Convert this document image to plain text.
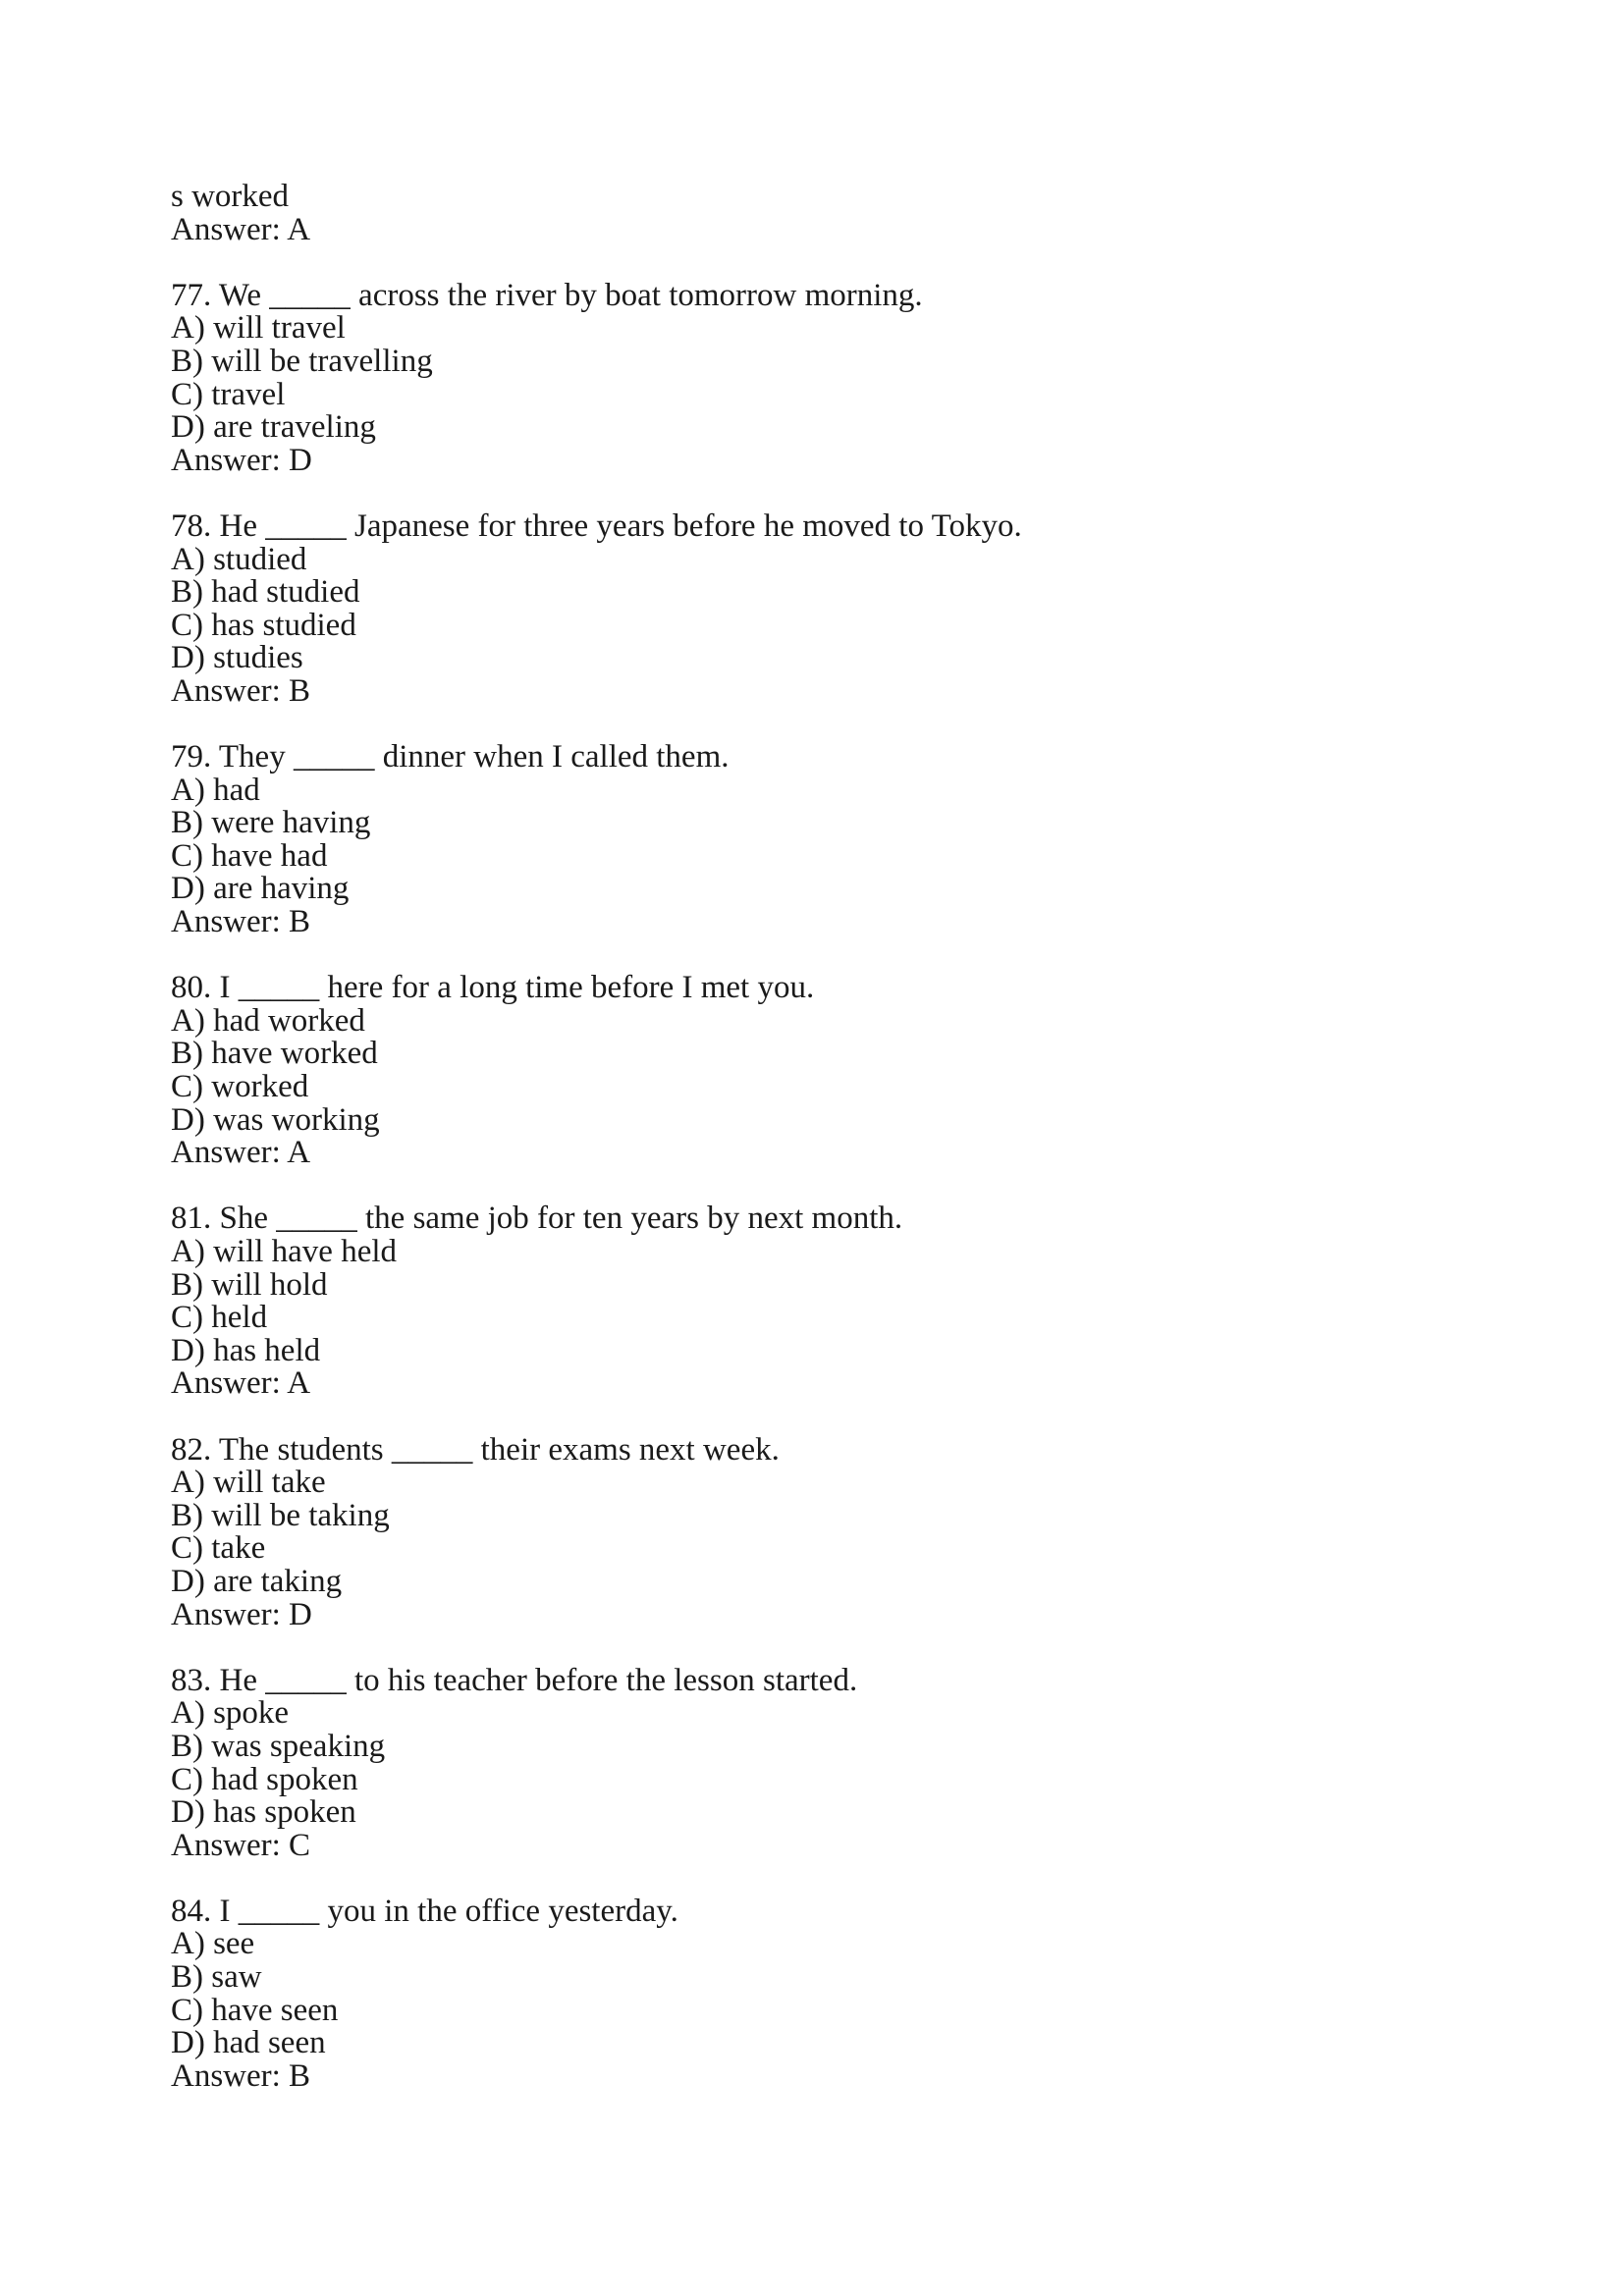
s worked
Answer: A
77. We _____ across the river by boat tomorrow morning.
A) will travel
B) will be travelling
C) travel
D) are traveling
Answer: D
78. He _____ Japanese for three years before he moved to Tokyo.
A) studied
B) had studied
C) has studied
D) studies
Answer: B
79. They _____ dinner when I called them.
A) had
B) were having
C) have had
D) are having
Answer: B
80. I _____ here for a long time before I met you.
A) had worked
B) have worked
C) worked
D) was working
Answer: A
81. She _____ the same job for ten years by next month.
A) will have held
B) will hold
C) held
D) has held
Answer: A
82. The students _____ their exams next week.
A) will take
B) will be taking
C) take
D) are taking
Answer: D
83. He _____ to his teacher before the lesson started.
A) spoke
B) was speaking
C) had spoken
D) has spoken
Answer: C
84. I _____ you in the office yesterday.
A) see
B) saw
C) have seen
D) had seen
Answer: B
